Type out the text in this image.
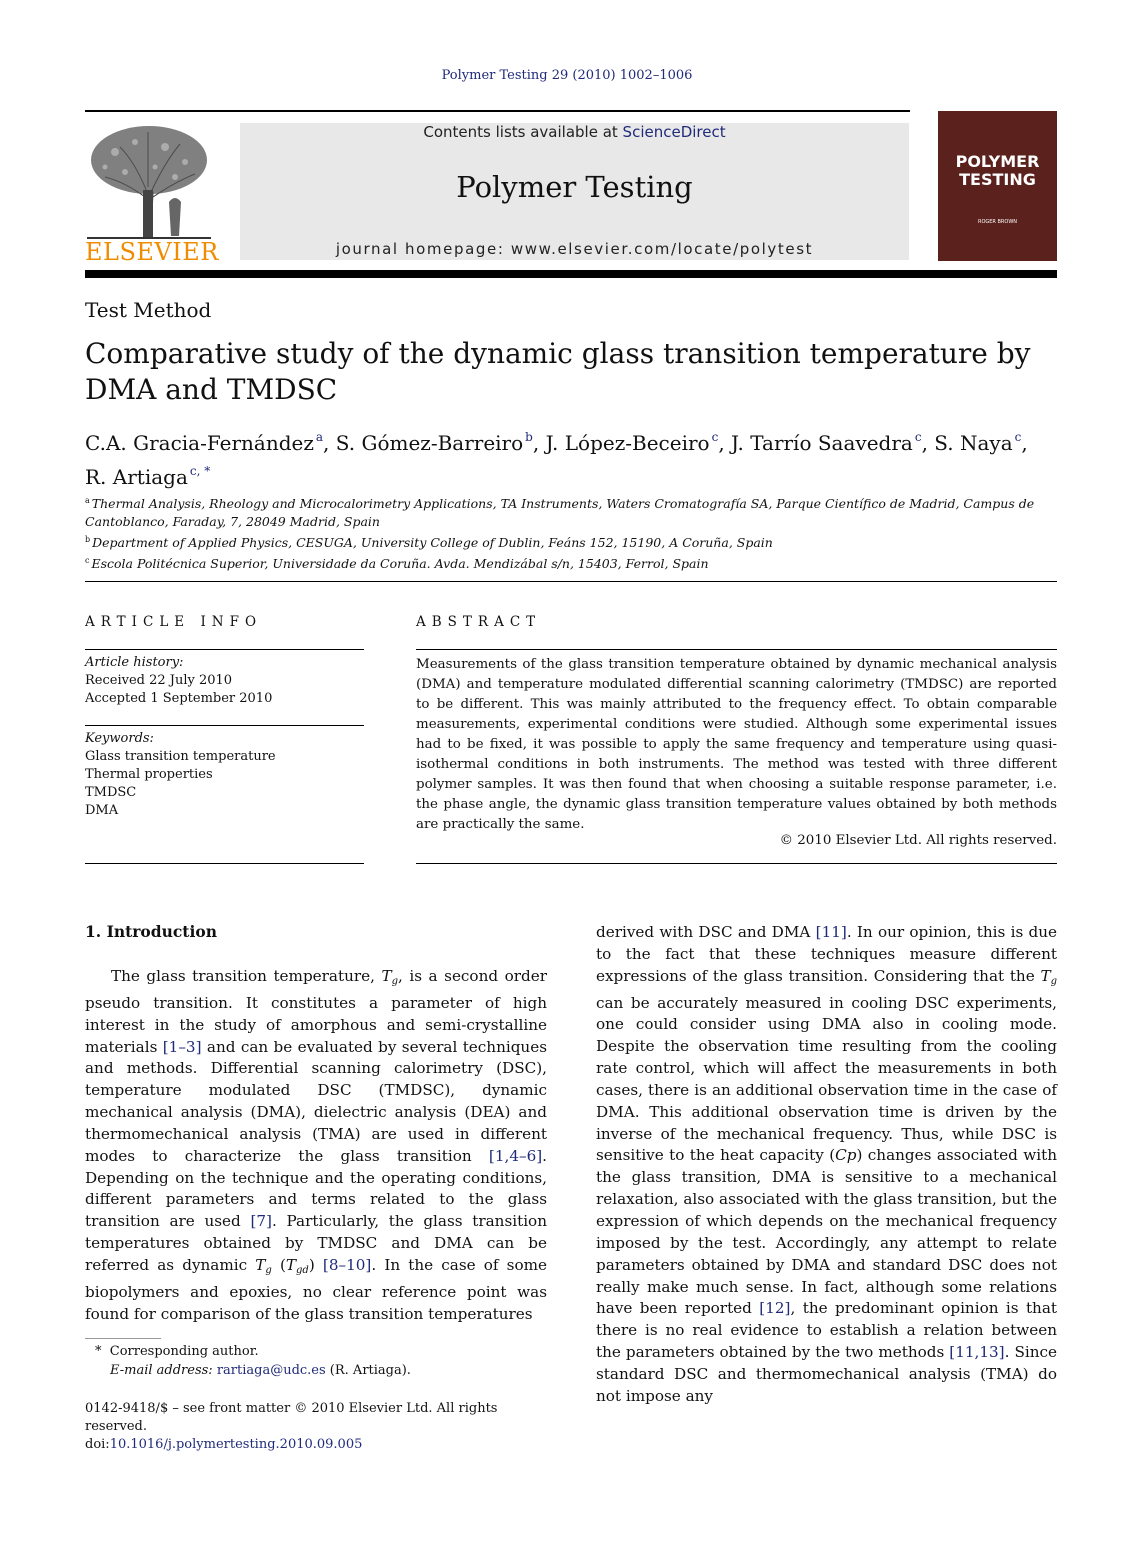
Polymer Testing 29 (2010) 1002–1006
ELSEVIER
Contents lists available at ScienceDirect
Polymer Testing
journal homepage: www.elsevier.com/locate/polytest
POLYMER
TESTING
ROGER BROWN
Test Method
Comparative study of the dynamic glass transition temperature by DMA and TMDSC
C.A. Gracia-Fernández $^a$, S. Gómez-Barreiro $^b$, J. López-Beceiro $^c$, J. Tarrío Saavedra $^c$, S. Naya $^c$,
R. Artiaga $^{c, *}$
$^a$ Thermal Analysis, Rheology and Microcalorimetry Applications, TA Instruments, Waters Cromatografía SA, Parque Científico de Madrid, Campus de Cantoblanco, Faraday, 7, 28049 Madrid, Spain
$^b$ Department of Applied Physics, CESUGA, University College of Dublin, Feáns 152, 15190, A Coruña, Spain
$^c$ Escola Politécnica Superior, Universidade da Coruña. Avda. Mendizábal s/n, 15403, Ferrol, Spain
ARTICLE INFO
Article history:
Received 22 July 2010
Accepted 1 September 2010
Keywords:
Glass transition temperature
Thermal properties
TMDSC
DMA
ABSTRACT
Measurements of the glass transition temperature obtained by dynamic mechanical analysis (DMA) and temperature modulated differential scanning calorimetry (TMDSC) are reported to be different. This was mainly attributed to the frequency effect. To obtain comparable measurements, experimental conditions were studied. Although some experimental issues had to be fixed, it was possible to apply the same frequency and temperature using quasi-isothermal conditions in both instruments. The method was tested with three different polymer samples. It was then found that when choosing a suitable response parameter, i.e. the phase angle, the dynamic glass transition temperature values obtained by both methods are practically the same.
© 2010 Elsevier Ltd. All rights reserved.
1. Introduction
The glass transition temperature, $T_g$, is a second order pseudo transition. It constitutes a parameter of high interest in the study of amorphous and semi-crystalline materials [1–3] and can be evaluated by several techniques and methods. Differential scanning calorimetry (DSC), temperature modulated DSC (TMDSC), dynamic mechanical analysis (DMA), dielectric analysis (DEA) and thermomechanical analysis (TMA) are used in different modes to characterize the glass transition [1,4–6]. Depending on the technique and the operating conditions, different parameters and terms related to the glass transition are used [7]. Particularly, the glass transition temperatures obtained by TMDSC and DMA can be referred as dynamic $T_g$ $(T_{gd})$ [8–10]. In the case of some biopolymers and epoxies, no clear reference point was found for comparison of the glass transition temperatures
derived with DSC and DMA [11]. In our opinion, this is due to the fact that these techniques measure different expressions of the glass transition. Considering that the $T_g$ can be accurately measured in cooling DSC experiments, one could consider using DMA also in cooling mode. Despite the observation time resulting from the cooling rate control, which will affect the measurements in both cases, there is an additional observation time in the case of DMA. This additional observation time is driven by the inverse of the mechanical frequency. Thus, while DSC is sensitive to the heat capacity (Cp) changes associated with the glass transition, DMA is sensitive to a mechanical relaxation, also associated with the glass transition, but the expression of which depends on the mechanical frequency imposed by the test. Accordingly, any attempt to relate parameters obtained by DMA and standard DSC does not really make much sense. In fact, although some relations have been reported [12], the predominant opinion is that there is no real evidence to establish a relation between the parameters obtained by the two methods [11,13]. Since standard DSC and thermomechanical analysis (TMA) do not impose any
* Corresponding author.
E-mail address: rartiaga@udc.es (R. Artiaga).
0142-9418/$ – see front matter © 2010 Elsevier Ltd. All rights reserved.
doi:10.1016/j.polymertesting.2010.09.005
